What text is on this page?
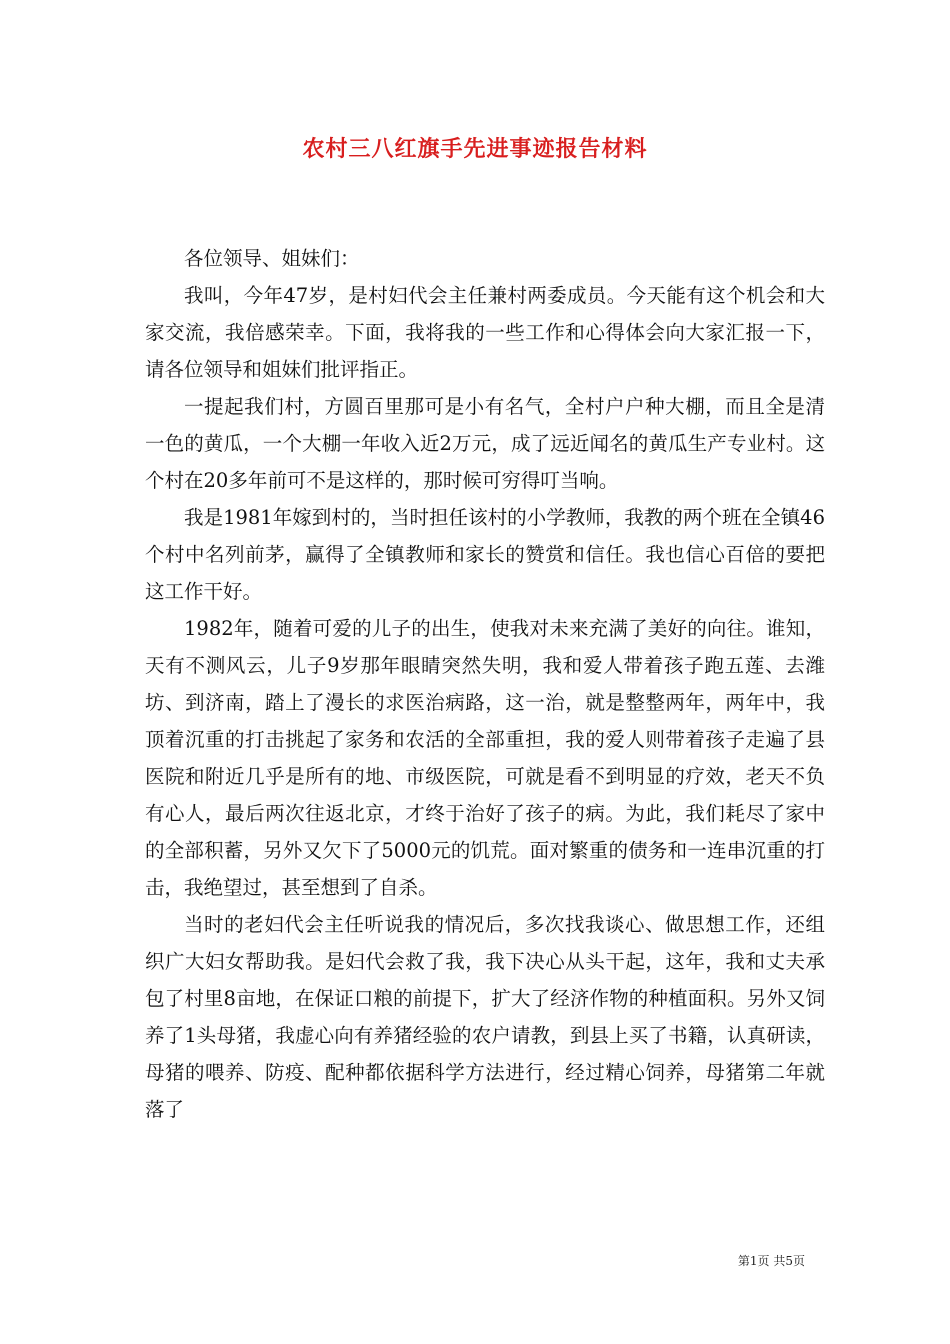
农村三八红旗手先进事迹报告材料

各位领导、姐妹们：

我叫，今年47岁，是村妇代会主任兼村两委成员。今天能有这个机会和大家交流，我倍感荣幸。下面，我将我的一些工作和心得体会向大家汇报一下，请各位领导和姐妹们批评指正。

一提起我们村，方圆百里那可是小有名气，全村户户种大棚，而且全是清一色的黄瓜，一个大棚一年收入近2万元，成了远近闻名的黄瓜生产专业村。这个村在20多年前可不是这样的，那时候可穷得叮当响。

我是1981年嫁到村的，当时担任该村的小学教师，我教的两个班在全镇46个村中名列前茅，赢得了全镇教师和家长的赞赏和信任。我也信心百倍的要把这工作干好。

1982年，随着可爱的儿子的出生，使我对未来充满了美好的向往。谁知，天有不测风云，儿子9岁那年眼睛突然失明，我和爱人带着孩子跑五莲、去潍坊、到济南，踏上了漫长的求医治病路，这一治，就是整整两年，两年中，我顶着沉重的打击挑起了家务和农活的全部重担，我的爱人则带着孩子走遍了县医院和附近几乎是所有的地、市级医院，可就是看不到明显的疗效，老天不负有心人，最后两次往返北京，才终于治好了孩子的病。为此，我们耗尽了家中的全部积蓄，另外又欠下了5000元的饥荒。面对繁重的债务和一连串沉重的打击，我绝望过，甚至想到了自杀。

当时的老妇代会主任听说我的情况后，多次找我谈心、做思想工作，还组织广大妇女帮助我。是妇代会救了我，我下决心从头干起，这年，我和丈夫承包了村里8亩地，在保证口粮的前提下，扩大了经济作物的种植面积。另外又饲养了1头母猪，我虚心向有养猪经验的农户请教，到县上买了书籍，认真研读，母猪的喂养、防疫、配种都依据科学方法进行，经过精心饲养，母猪第二年就落了

第1页 共5页
